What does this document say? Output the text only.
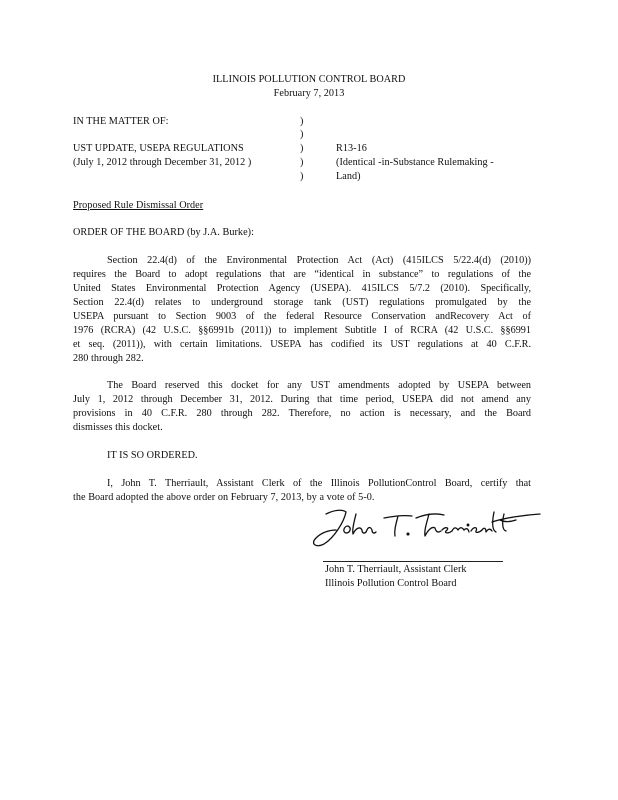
ILLINOIS POLLUTION CONTROL BOARD
February 7, 2013
IN THE MATTER OF:
UST UPDATE, USEPA REGULATIONS
(July 1, 2012 through December 31, 2012 )
)
)
)
)
)
R13-16
(Identical -in-Substance Rulemaking -
Land)
Proposed Rule Dismissal Order
ORDER OF THE BOARD (by J.A. Burke):
Section 22.4(d) of the Environmental Protection Act (Act) (415ILCS 5/22.4(d) (2010))
requires the Board to adopt regulations that are “identical in substance” to regulations of the
United States Environmental Protection Agency (USEPA). 415ILCS 5/7.2 (2010). Specifically,
Section 22.4(d) relates to underground storage tank (UST) regulations promulgated by the
USEPA pursuant to Section 9003 of the federal Resource Conservation andRecovery Act of
1976 (RCRA) (42 U.S.C. §§6991b (2011)) to implement Subtitle I of RCRA (42 U.S.C. §§6991
et seq. (2011)), with certain limitations. USEPA has codified its UST regulations at 40 C.F.R.
280 through 282.
The Board reserved this docket for any UST amendments adopted by USEPA between
July 1, 2012 through December 31, 2012. During that time period, USEPA did not amend any
provisions in 40 C.F.R. 280 through 282. Therefore, no action is necessary, and the Board
dismisses this docket.
IT IS SO ORDERED.
I, John T. Therriault, Assistant Clerk of the Illinois PollutionControl Board, certify that
the Board adopted the above order on February 7, 2013, by a vote of 5-0.
John T. Therriault, Assistant Clerk
Illinois Pollution Control Board
